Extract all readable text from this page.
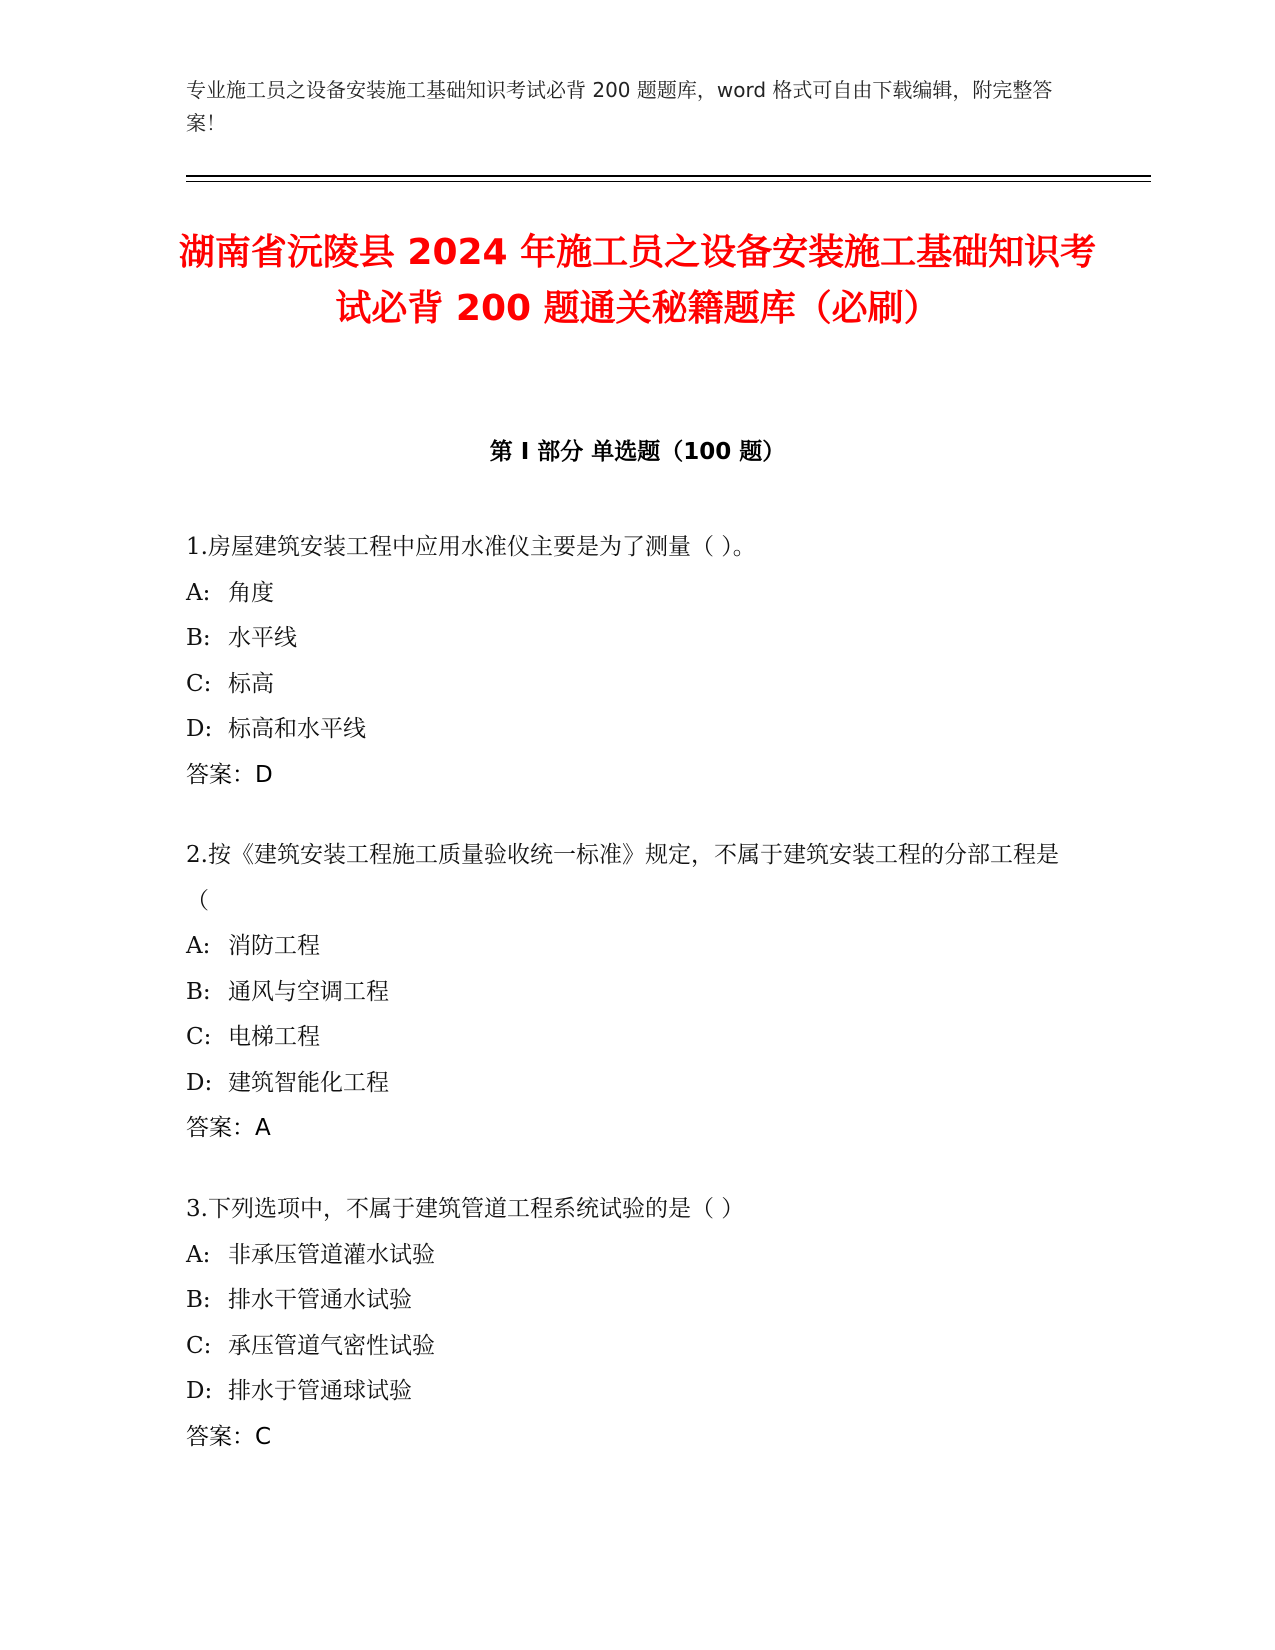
专业施工员之设备安装施工基础知识考试必背 200 题题库，word 格式可自由下载编辑，附完整答案！
湖南省沅陵县 2024 年施工员之设备安装施工基础知识考试必背 200 题通关秘籍题库（必刷）
第 I 部分 单选题（100 题）
1.房屋建筑安装工程中应用水准仪主要是为了测量（ ）。
A: 角度
B: 水平线
C: 标高
D: 标高和水平线
答案：D
2.按《建筑安装工程施工质量验收统一标准》规定，不属于建筑安装工程的分部工程是（
A: 消防工程
B: 通风与空调工程
C: 电梯工程
D: 建筑智能化工程
答案：A
3.下列选项中，不属于建筑管道工程系统试验的是（ ）
A: 非承压管道灌水试验
B: 排水干管通水试验
C: 承压管道气密性试验
D: 排水于管通球试验
答案：C
